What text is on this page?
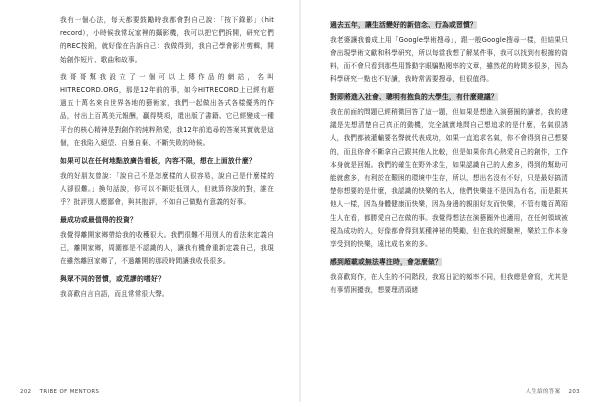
我有一個心法，每天都要鼓勵時我都會對自己說：「按下錄影」（hit record），小時候我常玩家裡的攝影機，我可以把它們拆開，研究它們的REC按鈕，就好像在告訴自己：我做得到，我自己學會影片剪輯，開始創作短片、歌曲和故事。

我哥哥幫我設立了一個可以上傳作品的網站，名叫HITRECORD.ORG，那是12年前的事，如今HITRECORD上已經有超過五十萬名來自世界各地的藝術家，我們一起做出各式各樣優秀的作品，付出上百萬美元報酬，贏得獎項，還出版了書籍。它已經變成一種平台的核心精神是對創作的純粹熱愛，我12年前追尋的答案其實就是這個，在我陷入絕望、自暴自棄、不斷失敗的時候。

如果可以在任何地點放廣告看板，內容不限，想在上面放什麼？

我的好朋友曾說：「說自己不是怎麼樣的人很容易，說自己是什麼樣的人卻很難。」換句話說，你可以不斷貶低別人，但就算你說的對，誰在乎？批評別人應鄙會，與其抱評，不如自己做點有意義的好事。

最成功或最值得的投資？

我覺得離開家鄉帶給我的收穫很大。我們很難不用別人的看法來定義自己，離開家鄉，周圍都是不認識的人，讓我有機會重新定義自己，我現在雖然離回家鄉了，不過離開的那段時間讓我收長很多。

與眾不同的習慣，或荒謬的嗜好？

我喜歡自言自語，而且常常很大聲。

202 TRIBE OF MENTORS
過去五年，讓生活變好的新信念、行為或習慣？

我老婆讓我養成上用「Google學術搜尋」，跟一般Google搜尋一樣，但結果只會出現學術文獻和科學研究，所以每當我想了解某件事，我可以找到有根據的資料，而不會只看到那些用聳動字眼騙點閱率的文章，雖然花的時間多很多，因為科學研究一點也不好讀，我時常需要搜尋，但很值得。

對即將進入社會、聰明有抱負的大學生，有什麼建議？

我在前面的問題已經稍微回答了這一題，但如果是想進入演藝圈的讀者，我的建議是先想清楚自己真正的動機，完全誠實地問自己想追求的是什麼，名氣很誘人，我們都被灌輸要名聲就代表成功，如果一直追求名氣，你不會得到自己想要的，而且你會不斷拿自己跟其他人比較，但是如果你真心熱愛自己的創作，工作本身就是回報。我們的確生在野外求生，如果認識自己的人愈多，得到的幫助可能就愈多，有利於在艱困的環境中生存，所以，想出名沒有不好，只是最好搞清楚你想要的是什麼，我認識的快樂的名人，他們快樂並不是因為有名，而是跟其他人一樣，因為身體健康而快樂，因為身邊的親朋好友而快樂，不管有幾百萬陌生人在看，都勝愛自己在做的事。我覺得想法在演藝圈外也適用，在任何領域被視為成功的人，好像都會得到某種神祕的獎勵，但在我的經驗裡，樂於工作本身享受到的快樂，遠比成名來的多。

感到超載或無法專注時，會怎麼做？

我喜歡寫作，在人生的不同階段，我寫日記的頻率不同，但我總是會寫，尤其是有事情困擾我，想要理清頭緒

人生給的答案 203
